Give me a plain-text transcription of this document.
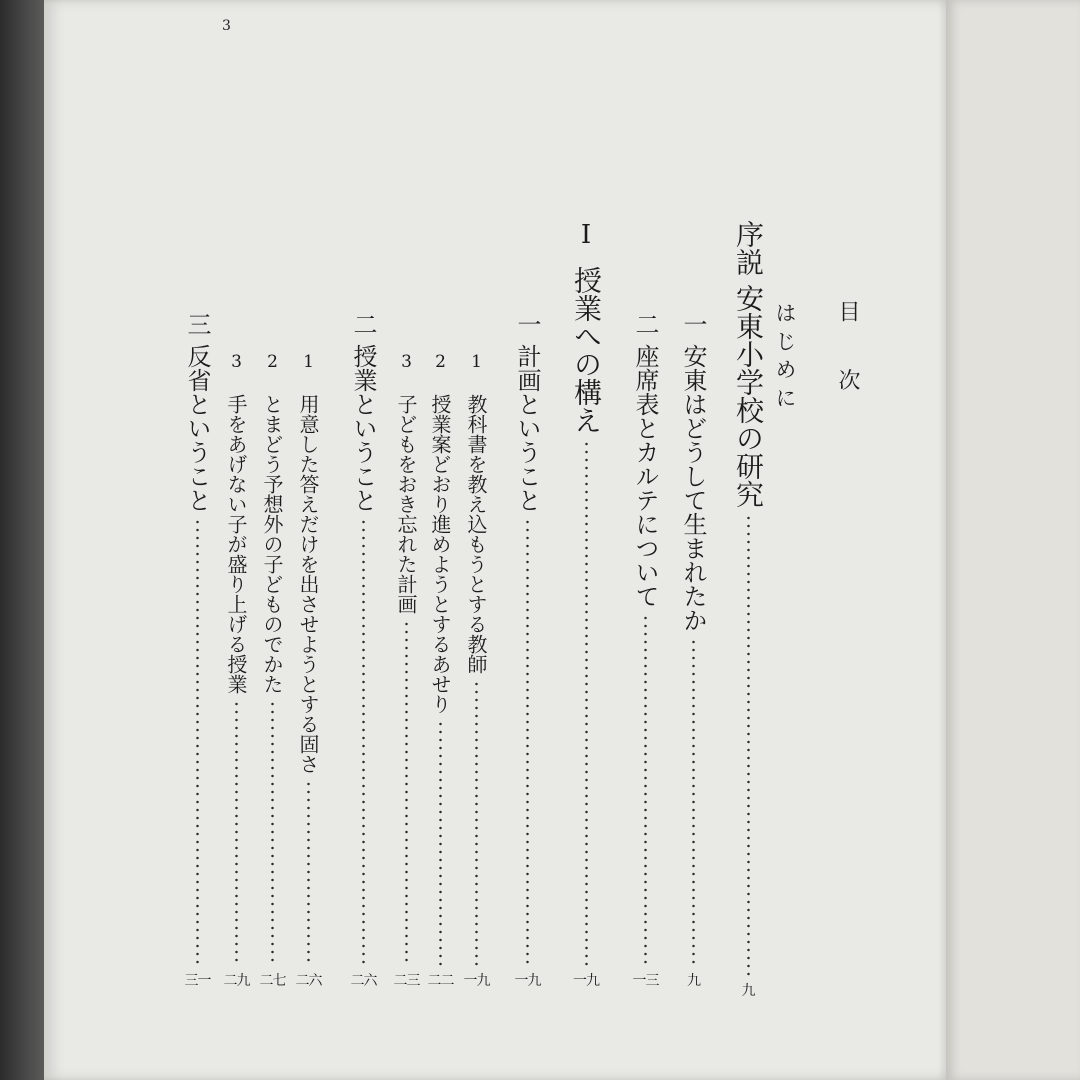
3
目 次
はじめに
序説
安東小学校の研究
九
一
安東はどうして生まれたか
九
二
座席表とカルテについて
一三
I
授業への構え
一九
一
計画ということ
一九
1
教科書を教え込もうとする教師
一九
2
授業案どおり進めようとするあせり
二二
3
子どもをおき忘れた計画
二三
二
授業ということ
二六
1
用意した答えだけを出させようとする固さ
二六
2
とまどう予想外の子どものでかた
二七
3
手をあげない子が盛り上げる授業
二九
三
反省ということ
三一
